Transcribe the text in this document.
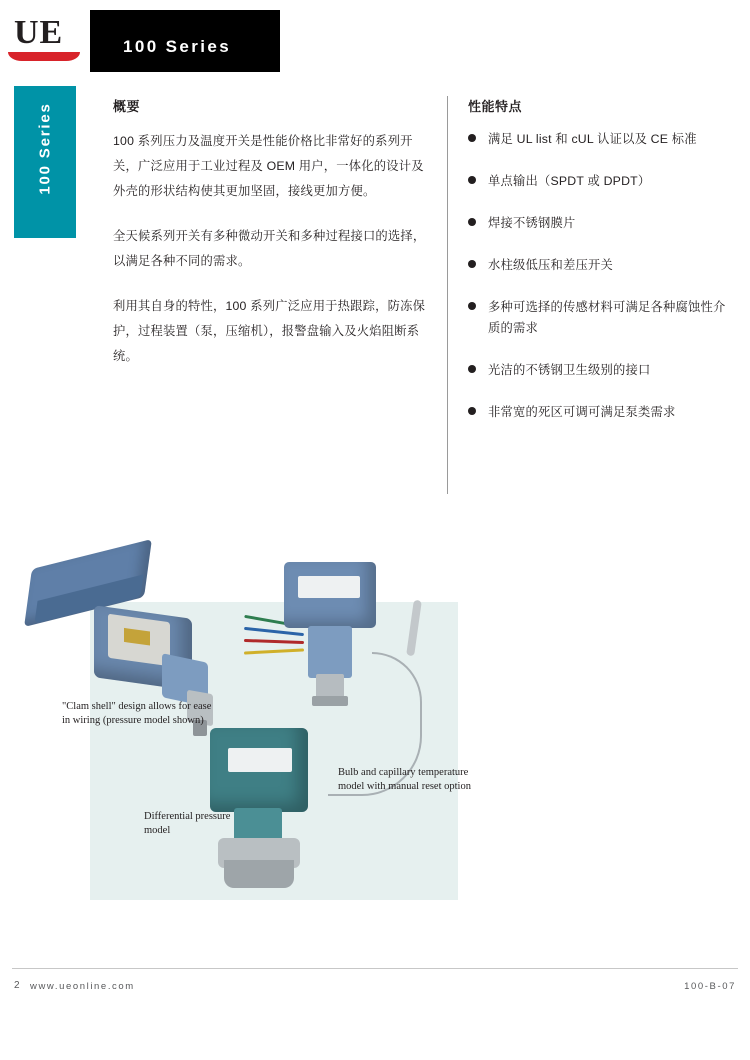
UE	100 Series
100 Series	概要

100 系列压力及温度开关是性能价格比非常好的系列开关，广泛应用于工业过程及 OEM 用户，一体化的设计及外壳的形状结构使其更加坚固，接线更加方便。

全天候系列开关有多种微动开关和多种过程接口的选择，以满足各种不同的需求。

利用其自身的特性，100 系列广泛应用于热跟踪，防冻保护，过程装置（泵，压缩机），报警盘输入及火焰阻断系统。

性能特点
满足 UL list 和 cUL 认证以及 CE 标准
单点输出（SPDT 或 DPDT）
焊接不锈钢膜片
水柱级低压和差压开关
多种可选择的传感材料可满足各种腐蚀性介质的需求
光洁的不锈钢卫生级别的接口
非常宽的死区可调可满足泵类需求
"Clam shell" design allows for ease in wiring (pressure model shown)
Bulb and capillary temperature model with manual reset option
Differential pressure model
2 www.ueonline.com	100-B-07
